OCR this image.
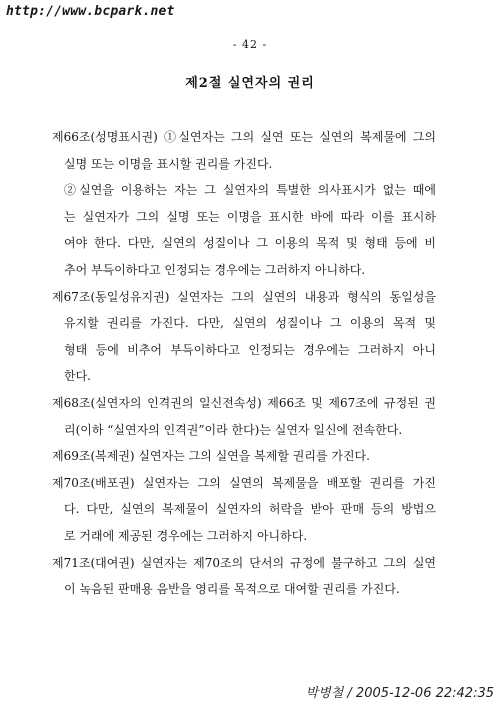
http://www.bcpark.net
- 42 -
제2절 실연자의 권리
제66조(성명표시권) ①실연자는 그의 실연 또는 실연의 복제물에 그의
실명 또는 이명을 표시할 권리를 가진다.
②실연을 이용하는 자는 그 실연자의 특별한 의사표시가 없는 때에
는 실연자가 그의 실명 또는 이명을 표시한 바에 따라 이를 표시하
여야 한다. 다만, 실연의 성질이나 그 이용의 목적 및 형태 등에 비
추어 부득이하다고 인정되는 경우에는 그러하지 아니하다.
제67조(동일성유지권) 실연자는 그의 실연의 내용과 형식의 동일성을
유지할 권리를 가진다. 다만, 실연의 성질이나 그 이용의 목적 및
형태 등에 비추어 부득이하다고 인정되는 경우에는 그러하지 아니
한다.
제68조(실연자의 인격권의 일신전속성) 제66조 및 제67조에 규정된 권
리(이하 “실연자의 인격권”이라 한다)는 실연자 일신에 전속한다.
제69조(복제권) 실연자는 그의 실연을 복제할 권리를 가진다.
제70조(배포권) 실연자는 그의 실연의 복제물을 배포할 권리를 가진
다. 다만, 실연의 복제물이 실연자의 허락을 받아 판매 등의 방법으
로 거래에 제공된 경우에는 그러하지 아니하다.
제71조(대여권) 실연자는 제70조의 단서의 규정에 불구하고 그의 실연
이 녹음된 판매용 음반을 영리를 목적으로 대여할 권리를 가진다.
박병철 / 2005-12-06 22:42:35
